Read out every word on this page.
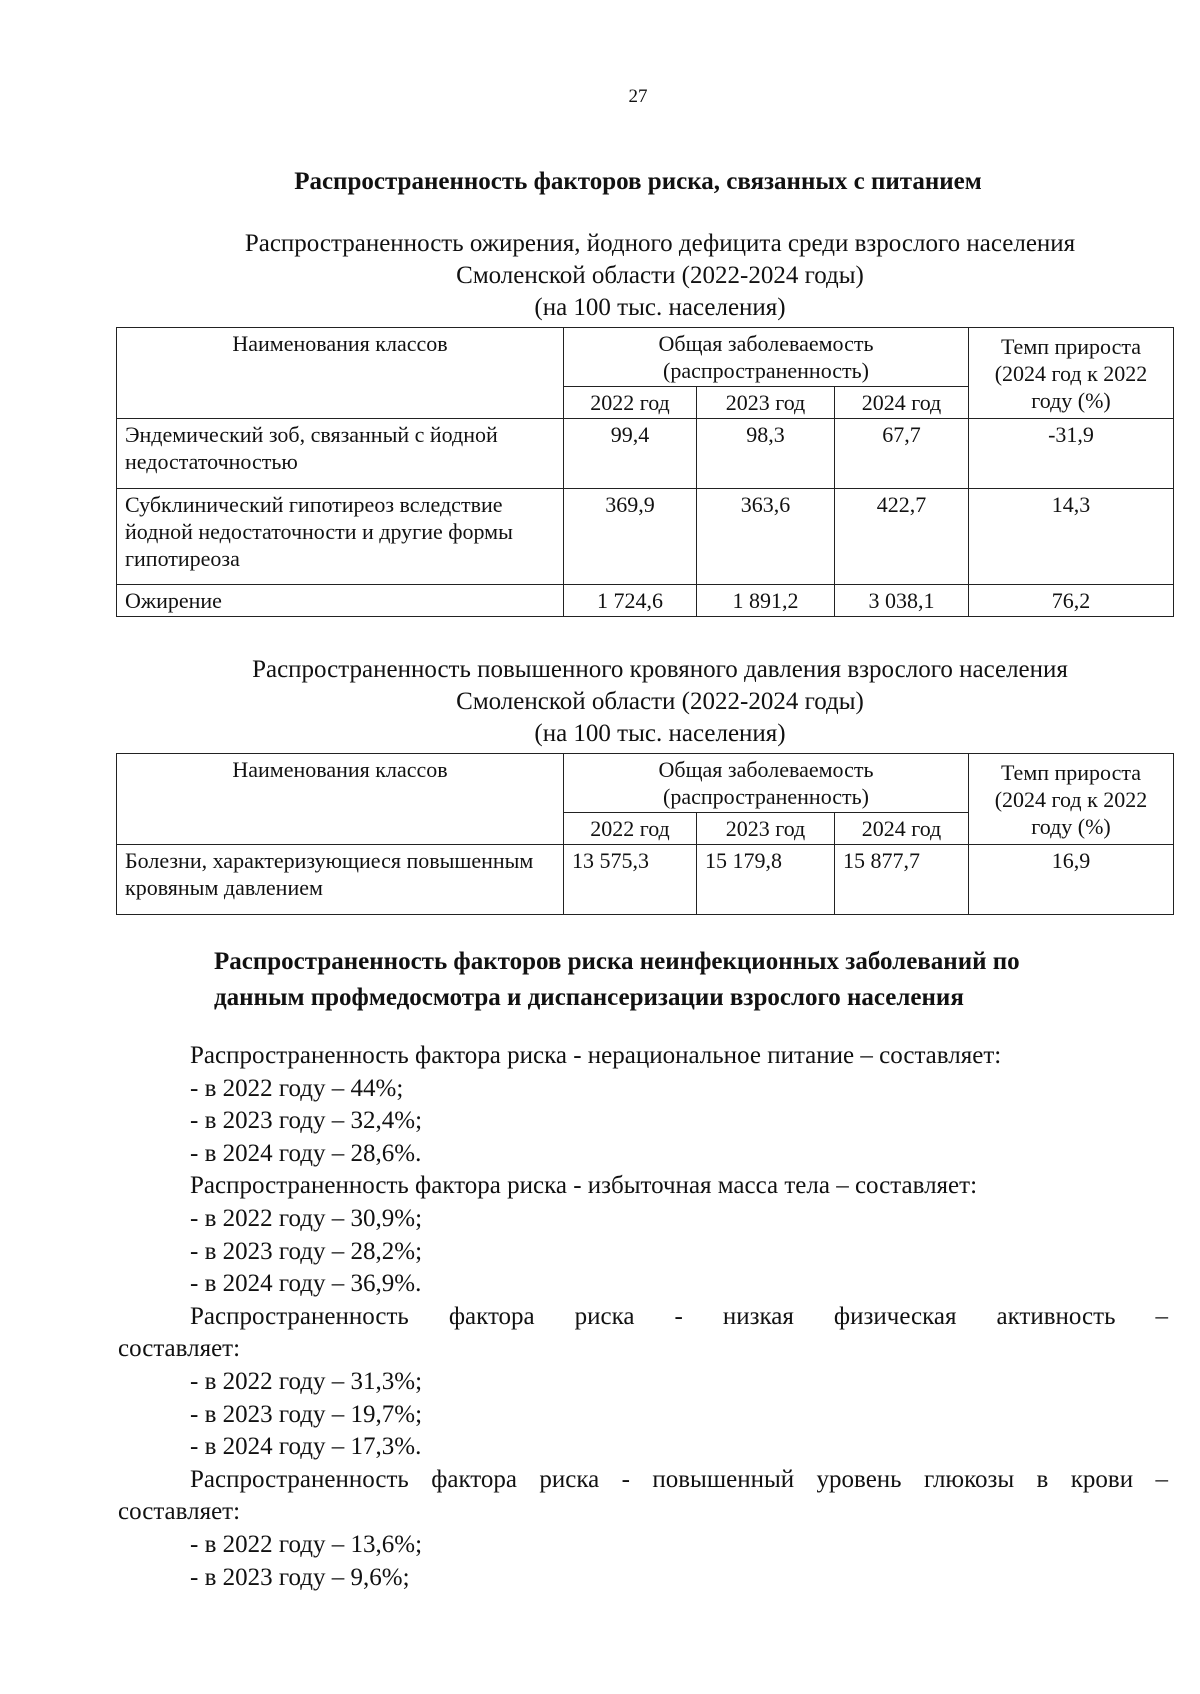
27
Распространенность факторов риска, связанных с питанием
Распространенность ожирения, йодного дефицита среди взрослого населения
Смоленской области (2022-2024 годы)
(на 100 тыс. населения)
Наименования классов	Общая заболеваемость (распространенность)			Темп прироста (2024 год к 2022 году (%)
	2022 год	2023 год	2024 год	
Эндемический зоб, связанный с йодной недостаточностью	99,4	98,3	67,7	-31,9
Субклинический гипотиреоз вследствие йодной недостаточности и другие формы гипотиреоза	369,9	363,6	422,7	14,3
Ожирение	1 724,6	1 891,2	3 038,1	76,2
Распространенность повышенного кровяного давления взрослого населения
Смоленской области (2022-2024 годы)
(на 100 тыс. населения)
Наименования классов	Общая заболеваемость (распространенность)			Темп прироста (2024 год к 2022 году (%)
	2022 год	2023 год	2024 год	
Болезни, характеризующиеся повышенным кровяным давлением	13 575,3	15 179,8	15 877,7	16,9
Распространенность факторов риска неинфекционных заболеваний по
данным профмедосмотра и диспансеризации взрослого населения

Распространенность фактора риска - нерациональное питание – составляет:

- в 2022 году – 44%;

- в 2023 году – 32,4%;

- в 2024 году – 28,6%.

Распространенность фактора риска - избыточная масса тела – составляет:

- в 2022 году – 30,9%;

- в 2023 году – 28,2%;

- в 2024 году – 36,9%.

Распространенность фактора риска - низкая физическая активность –

составляет:

- в 2022 году – 31,3%;

- в 2023 году – 19,7%;

- в 2024 году – 17,3%.

Распространенность фактора риска - повышенный уровень глюкозы в крови –

составляет:

- в 2022 году – 13,6%;

- в 2023 году – 9,6%;
